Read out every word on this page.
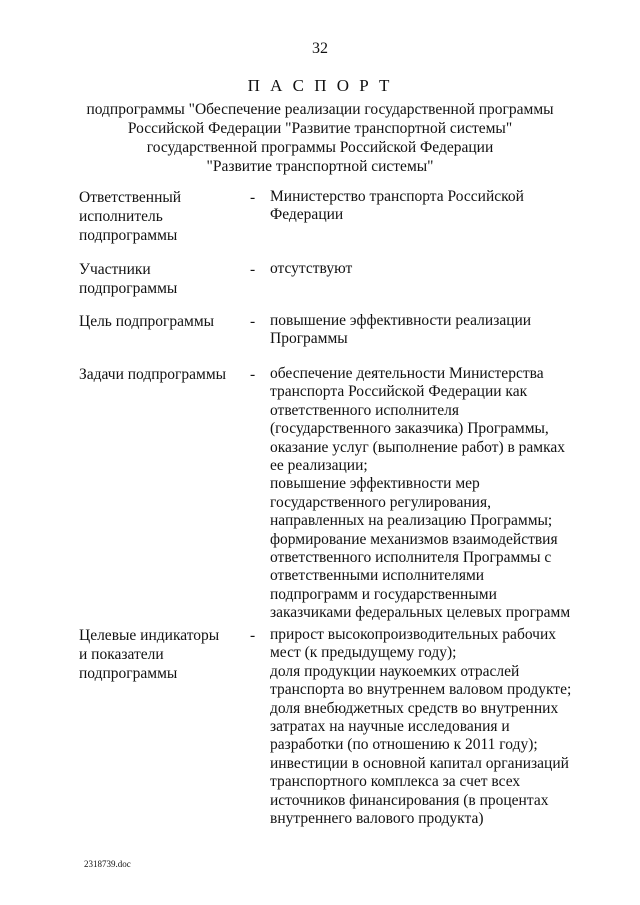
32
П А С П О Р Т
подпрограммы "Обеспечение реализации государственной программы
Российской Федерации "Развитие транспортной системы"
государственной программы Российской Федерации
"Развитие транспортной системы"
Ответственный
исполнитель
подпрограммы
- Министерство транспорта Российской
Федерации
Участники
подпрограммы
- отсутствуют
Цель подпрограммы	- повышение эффективности реализации
Программы
Задачи подпрограммы	- обеспечение деятельности Министерства
транспорта Российской Федерации как
ответственного исполнителя
(государственного заказчика) Программы,
оказание услуг (выполнение работ) в рамках
ее реализации;
повышение эффективности мер
государственного регулирования,
направленных на реализацию Программы;
формирование механизмов взаимодействия
ответственного исполнителя Программы с
ответственными исполнителями
подпрограмм и государственными
заказчиками федеральных целевых программ
Целевые индикаторы
и показатели
подпрограммы
- прирост высокопроизводительных рабочих
мест (к предыдущему году);
доля продукции наукоемких отраслей
транспорта во внутреннем валовом продукте;
доля внебюджетных средств во внутренних
затратах на научные исследования и
разработки (по отношению к 2011 году);
инвестиции в основной капитал организаций
транспортного комплекса за счет всех
источников финансирования (в процентах
внутреннего валового продукта)
2318739.doc
